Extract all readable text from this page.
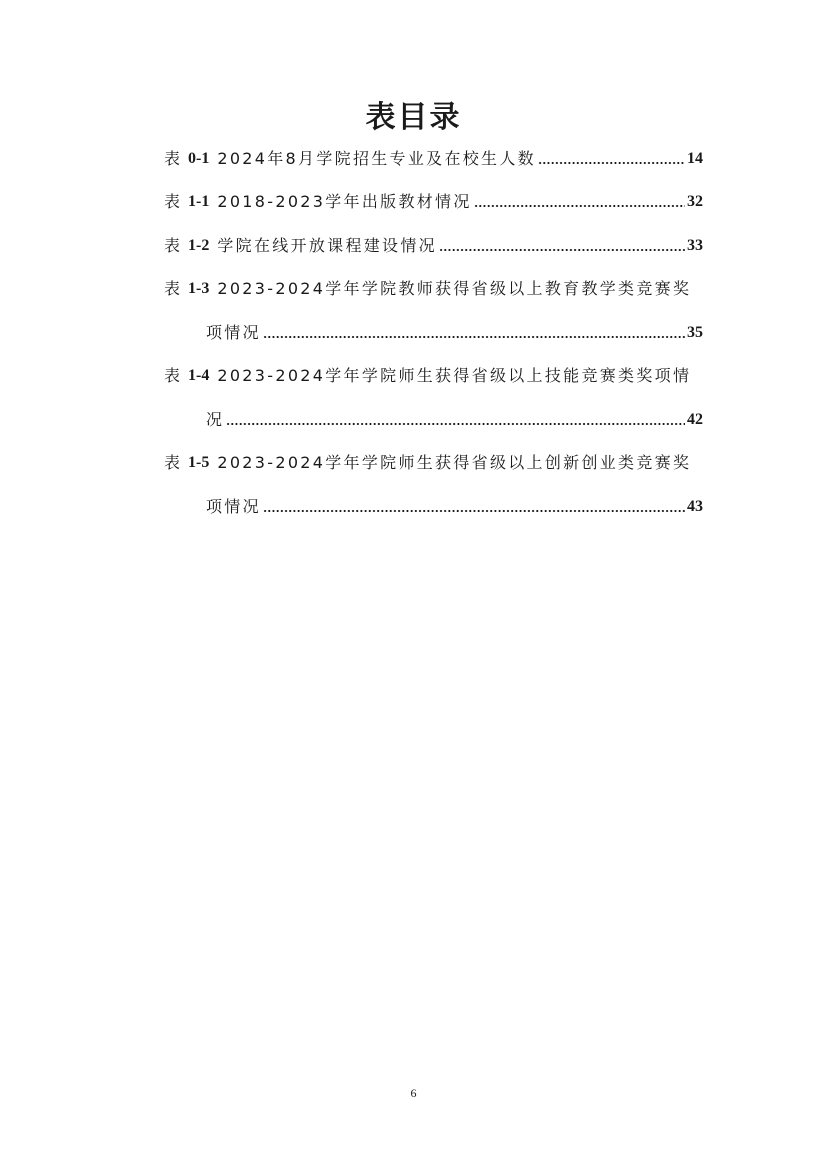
表目录
表 0-1 2024年8月学院招生专业及在校生人数	14
表 1-1 2018-2023学年出版教材情况	32
表 1-2 学院在线开放课程建设情况	33
表 1-3 2023-2024学年学院教师获得省级以上教育教学类竞赛奖
项情况	35
表 1-4 2023-2024学年学院师生获得省级以上技能竞赛类奖项情
况	42
表 1-5 2023-2024学年学院师生获得省级以上创新创业类竞赛奖
项情况	43
6
